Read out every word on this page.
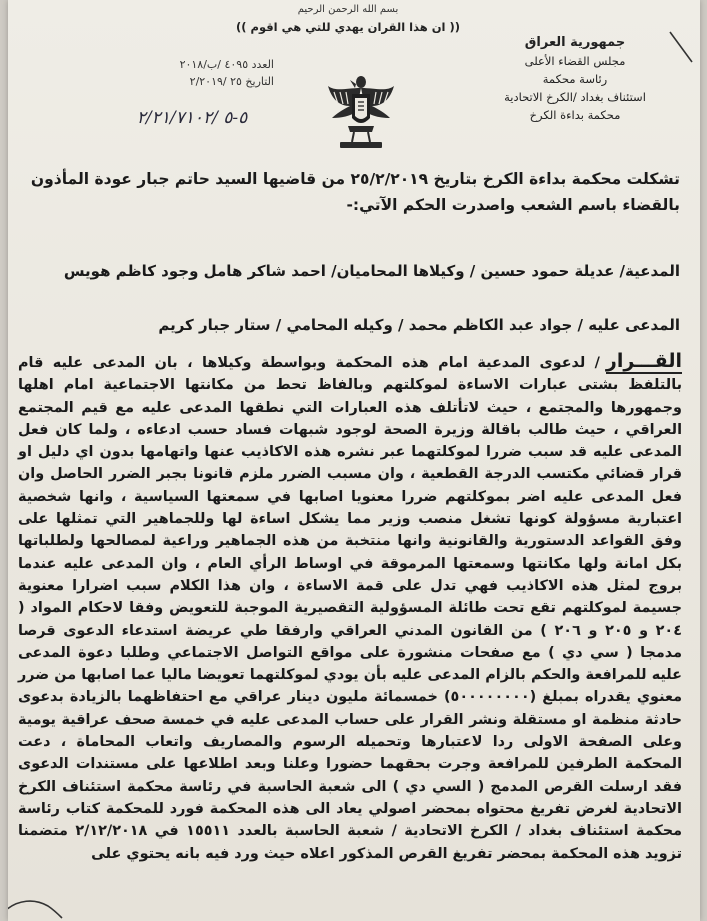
بسم الله الرحمن الرحيم
(( ان هذا القران يهدي للتي هي اقوم ))
جمهورية العراق
مجلس القضاء الأعلى
رئاسة محكمة
استئناف بغداد /الكرخ الاتحادية
محكمة بداءة الكرخ
العدد ٤٠٩٥ /ب/٢٠١٨
التاريخ ٢٥ /٢/٢٠١٩
٥-٥ /٢/٢١/٧١٠٢
تشكلت محكمة بداءة الكرخ بتاريخ ٢٥/٢/٢٠١٩ من قاضيها السيد حاتم جبار عودة المأذون بالقضاء باسم الشعب واصدرت الحكم الآتي:-
المدعية/ عديلة حمود حسين / وكيلاها المحاميان/ احمد شاكر هامل وجود كاظم هويس
المدعى عليه / جواد عبد الكاظم محمد / وكيله المحامي / ستار جبار كريم

القـــرار/ لدعوى المدعية امام هذه المحكمة وبواسطة وكيلاها ، بان المدعى عليه قام بالتلفظ بشتى عبارات الاساءة لموكلتهم وبالفاظ تحط من مكانتها الاجتماعية امام اهلها وجمهورها والمجتمع ، حيث لاتأتلف هذه العبارات التي نطقها المدعى عليه مع قيم المجتمع العراقي ، حيث طالب باقالة وزيرة الصحة لوجود شبهات فساد حسب ادعاءه ، ولما كان فعل المدعى عليه قد سبب ضررا لموكلتهما عبر نشره هذه الاكاذيب عنها واتهامها بدون اي دليل او قرار قضائي مكتسب الدرجة القطعية ، وان مسبب الضرر ملزم قانونا بجبر الضرر الحاصل وان فعل المدعى عليه اضر بموكلتهم ضررا معنويا اصابها في سمعتها السياسية ، وانها شخصية اعتبارية مسؤولة كونها تشغل منصب وزير مما يشكل اساءة لها وللجماهير التي تمثلها على وفق القواعد الدستورية والقانونية وانها منتخبة من هذه الجماهير وراعية لمصالحها ولطلباتها بكل امانة ولها مكانتها وسمعتها المرموقة في اوساط الرأي العام ، وان المدعى عليه عندما بروج لمثل هذه الاكاذيب فهي تدل على قمة الاساءة ، وان هذا الكلام سبب اضرارا معنوية جسيمة لموكلتهم تقع تحت طائلة المسؤولية التقصيرية الموجبة للتعويض وفقا لاحكام المواد ( ٢٠٤ و ٢٠٥ و ٢٠٦ ) من القانون المدني العراقي وارفقا طي عريضة استدعاء الدعوى قرصا مدمجا ( سي دي ) مع صفحات منشورة على مواقع التواصل الاجتماعي وطلبا دعوة المدعى عليه للمرافعة والحكم بالزام المدعى عليه بأن يودي لموكلتهما تعويضا ماليا عما اصابها من ضرر معنوي يقدراه بمبلغ (٥٠٠٠٠٠٠٠٠) خمسمائة مليون دينار عراقي مع احتفاظهما بالزيادة بدعوى حادثة منظمة او مستقلة ونشر القرار على حساب المدعى عليه في خمسة صحف عراقية يومية وعلى الصفحة الاولى ردا لاعتبارها وتحميله الرسوم والمصاريف واتعاب المحاماة ، دعت المحكمة الطرفين للمرافعة وجرت بحقهما حضورا وعلنا وبعد اطلاعها على مستندات الدعوى فقد ارسلت القرص المدمج ( السي دي ) الى شعبة الحاسبة في رئاسة محكمة استئناف الكرخ الاتحادية لغرض تفريغ محتواه بمحضر اصولي يعاد الى هذه المحكمة فورد للمحكمة كتاب رئاسة محكمة استئناف بغداد / الكرخ الاتحادية / شعبة الحاسبة بالعدد ١٥٥١١ في ٢/١٢/٢٠١٨ متضمنا تزويد هذه المحكمة بمحضر تفريغ القرص المذكور اعلاه حيث ورد فيه بانه يحتوي على
